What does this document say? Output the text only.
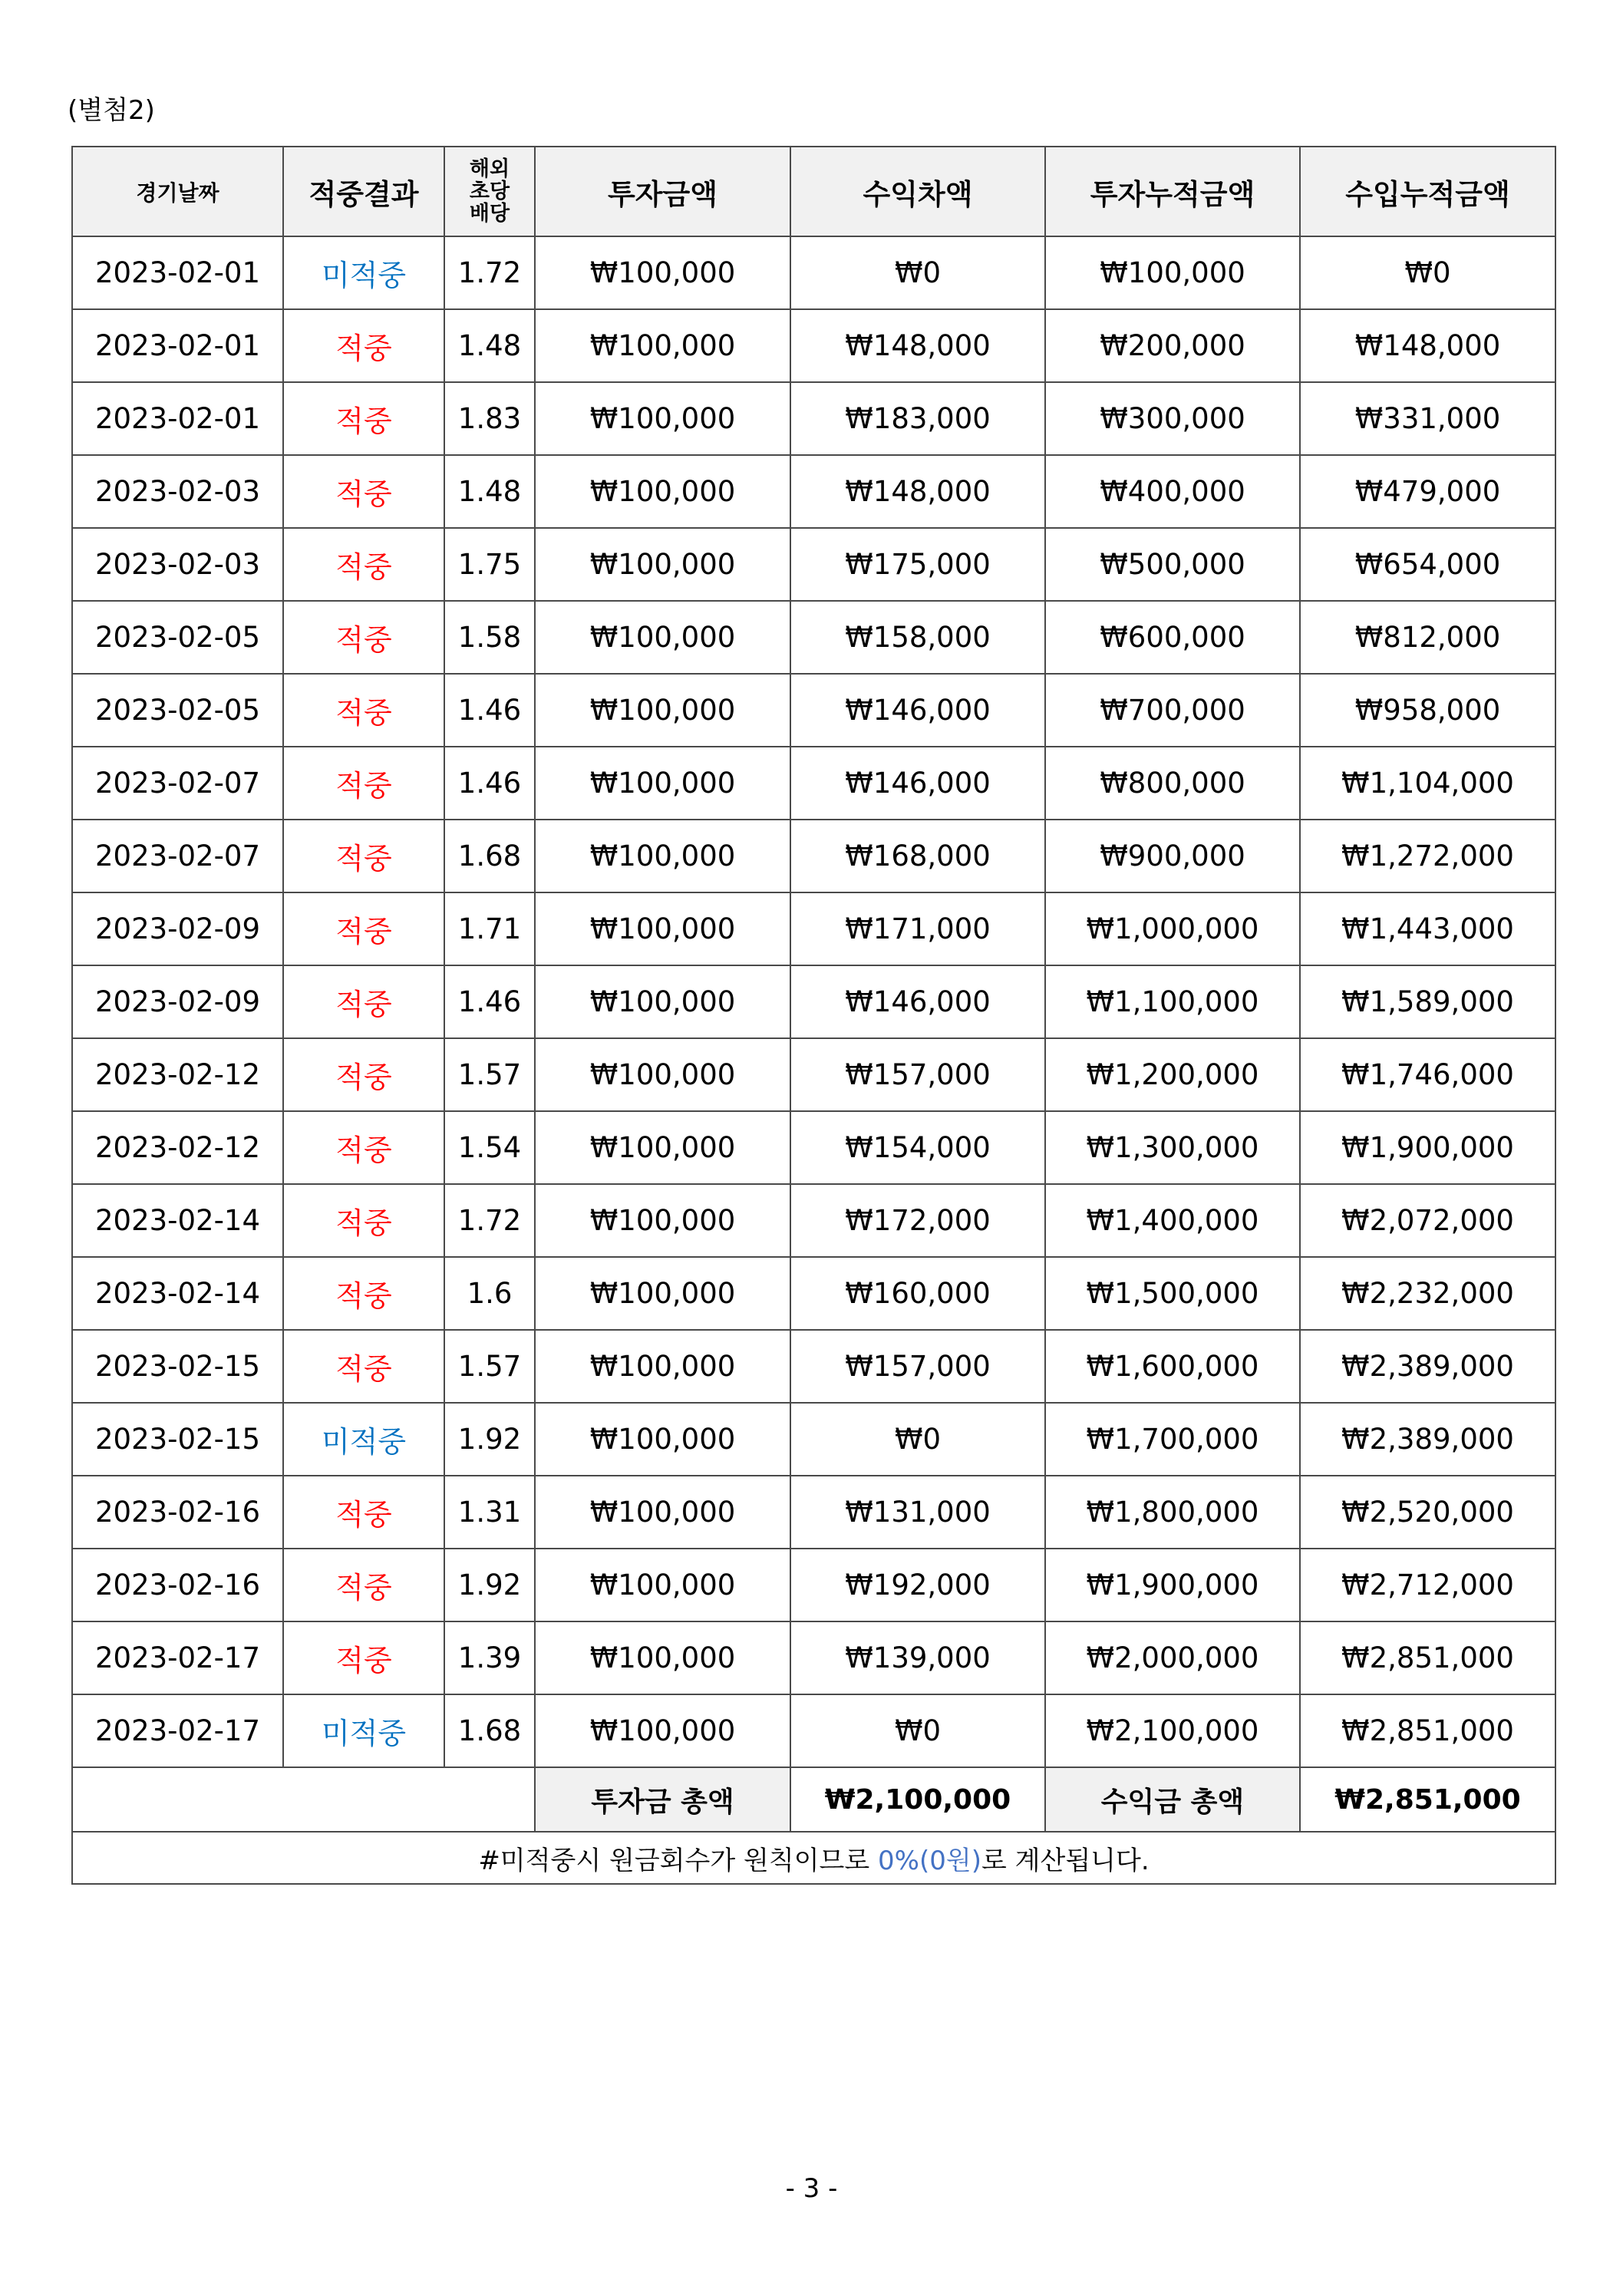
(별첨2)
경기날짜	적중결과	해외
초당
배당	투자금액	수익차액	투자누적금액	수입누적금액
2023-02-01	미적중	1.72	₩100,000	₩0	₩100,000	₩0
2023-02-01	적중	1.48	₩100,000	₩148,000	₩200,000	₩148,000
2023-02-01	적중	1.83	₩100,000	₩183,000	₩300,000	₩331,000
2023-02-03	적중	1.48	₩100,000	₩148,000	₩400,000	₩479,000
2023-02-03	적중	1.75	₩100,000	₩175,000	₩500,000	₩654,000
2023-02-05	적중	1.58	₩100,000	₩158,000	₩600,000	₩812,000
2023-02-05	적중	1.46	₩100,000	₩146,000	₩700,000	₩958,000
2023-02-07	적중	1.46	₩100,000	₩146,000	₩800,000	₩1,104,000
2023-02-07	적중	1.68	₩100,000	₩168,000	₩900,000	₩1,272,000
2023-02-09	적중	1.71	₩100,000	₩171,000	₩1,000,000	₩1,443,000
2023-02-09	적중	1.46	₩100,000	₩146,000	₩1,100,000	₩1,589,000
2023-02-12	적중	1.57	₩100,000	₩157,000	₩1,200,000	₩1,746,000
2023-02-12	적중	1.54	₩100,000	₩154,000	₩1,300,000	₩1,900,000
2023-02-14	적중	1.72	₩100,000	₩172,000	₩1,400,000	₩2,072,000
2023-02-14	적중	1.6	₩100,000	₩160,000	₩1,500,000	₩2,232,000
2023-02-15	적중	1.57	₩100,000	₩157,000	₩1,600,000	₩2,389,000
2023-02-15	미적중	1.92	₩100,000	₩0	₩1,700,000	₩2,389,000
2023-02-16	적중	1.31	₩100,000	₩131,000	₩1,800,000	₩2,520,000
2023-02-16	적중	1.92	₩100,000	₩192,000	₩1,900,000	₩2,712,000
2023-02-17	적중	1.39	₩100,000	₩139,000	₩2,000,000	₩2,851,000
2023-02-17	미적중	1.68	₩100,000	₩0	₩2,100,000	₩2,851,000
			투자금 총액	₩2,100,000	수익금 총액	₩2,851,000
#미적중시 원금회수가 원칙이므로 0%(0원)로 계산됩니다.						
- 3 -
